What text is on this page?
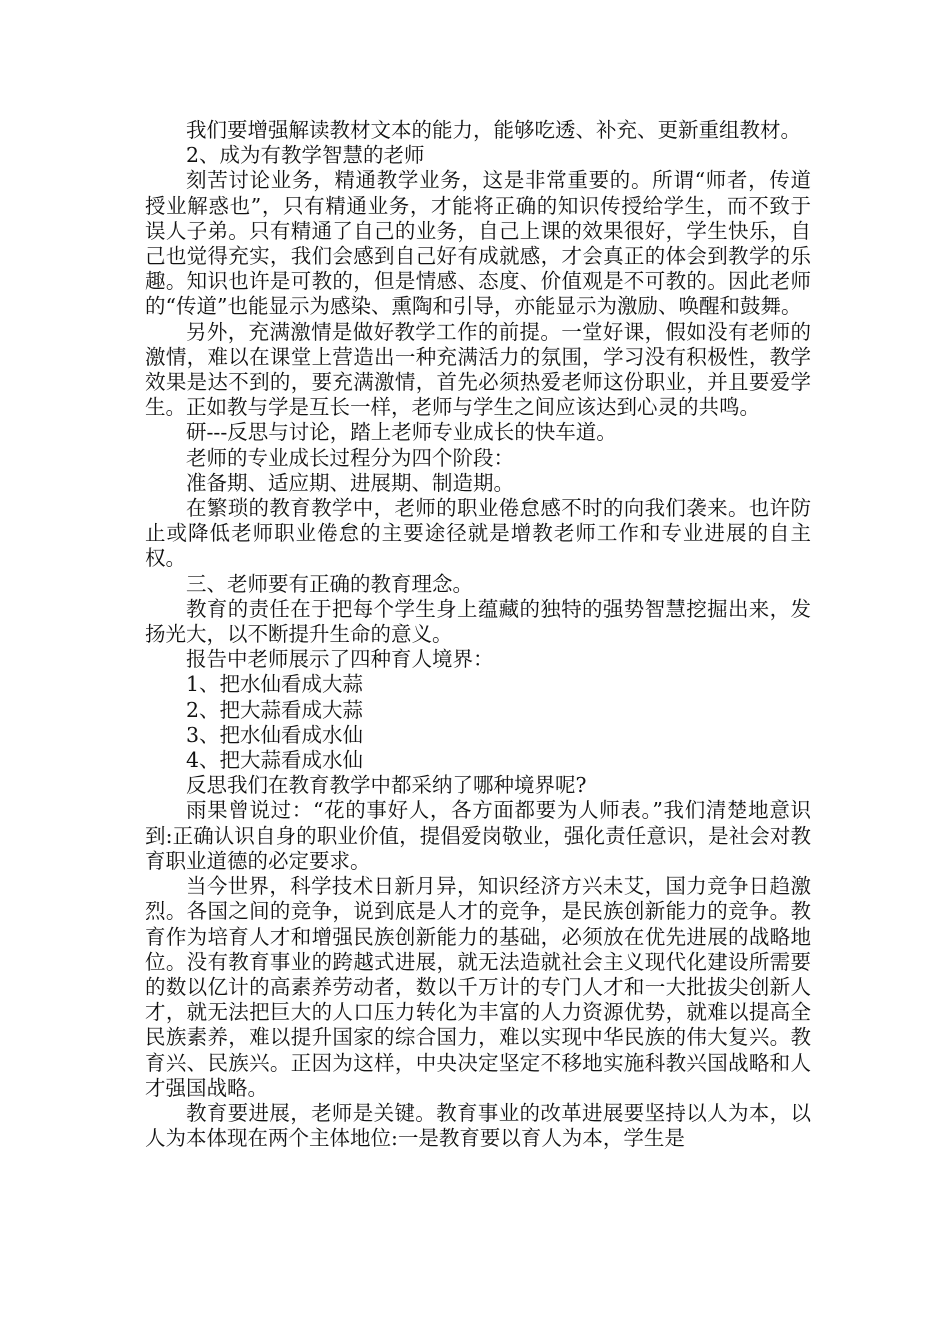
我们要增强解读教材文本的能力，能够吃透、补充、更新重组教材。

2、成为有教学智慧的老师

刻苦讨论业务，精通教学业务，这是非常重要的。所谓“师者，传道授业解惑也”，只有精通业务，才能将正确的知识传授给学生，而不致于误人子弟。只有精通了自己的业务，自己上课的效果很好，学生快乐，自己也觉得充实，我们会感到自己好有成就感，才会真正的体会到教学的乐趣。知识也许是可教的，但是情感、态度、价值观是不可教的。因此老师的“传道”也能显示为感染、熏陶和引导，亦能显示为激励、唤醒和鼓舞。

另外，充满激情是做好教学工作的前提。一堂好课，假如没有老师的激情，难以在课堂上营造出一种充满活力的氛围，学习没有积极性，教学效果是达不到的，要充满激情，首先必须热爱老师这份职业，并且要爱学生。正如教与学是互长一样，老师与学生之间应该达到心灵的共鸣。

研---反思与讨论，踏上老师专业成长的快车道。

老师的专业成长过程分为四个阶段：

准备期、适应期、进展期、制造期。

在繁琐的教育教学中，老师的职业倦怠感不时的向我们袭来。也许防止或降低老师职业倦怠的主要途径就是增教老师工作和专业进展的自主权。

三、老师要有正确的教育理念。

教育的责任在于把每个学生身上蕴藏的独特的强势智慧挖掘出来，发扬光大，以不断提升生命的意义。

报告中老师展示了四种育人境界：

1、把水仙看成大蒜

2、把大蒜看成大蒜

3、把水仙看成水仙

4、把大蒜看成水仙

反思我们在教育教学中都采纳了哪种境界呢?

雨果曾说过：“花的事好人，各方面都要为人师表。”我们清楚地意识到:正确认识自身的职业价值，提倡爱岗敬业，强化责任意识，是社会对教育职业道德的必定要求。

当今世界，科学技术日新月异，知识经济方兴未艾，国力竞争日趋激烈。各国之间的竞争，说到底是人才的竞争，是民族创新能力的竞争。教育作为培育人才和增强民族创新能力的基础，必须放在优先进展的战略地位。没有教育事业的跨越式进展，就无法造就社会主义现代化建设所需要的数以亿计的高素养劳动者，数以千万计的专门人才和一大批拔尖创新人才，就无法把巨大的人口压力转化为丰富的人力资源优势，就难以提高全民族素养，难以提升国家的综合国力，难以实现中华民族的伟大复兴。教育兴、民族兴。正因为这样，中央决定坚定不移地实施科教兴国战略和人才强国战略。

教育要进展，老师是关键。教育事业的改革进展要坚持以人为本，以人为本体现在两个主体地位:一是教育要以育人为本，学生是
